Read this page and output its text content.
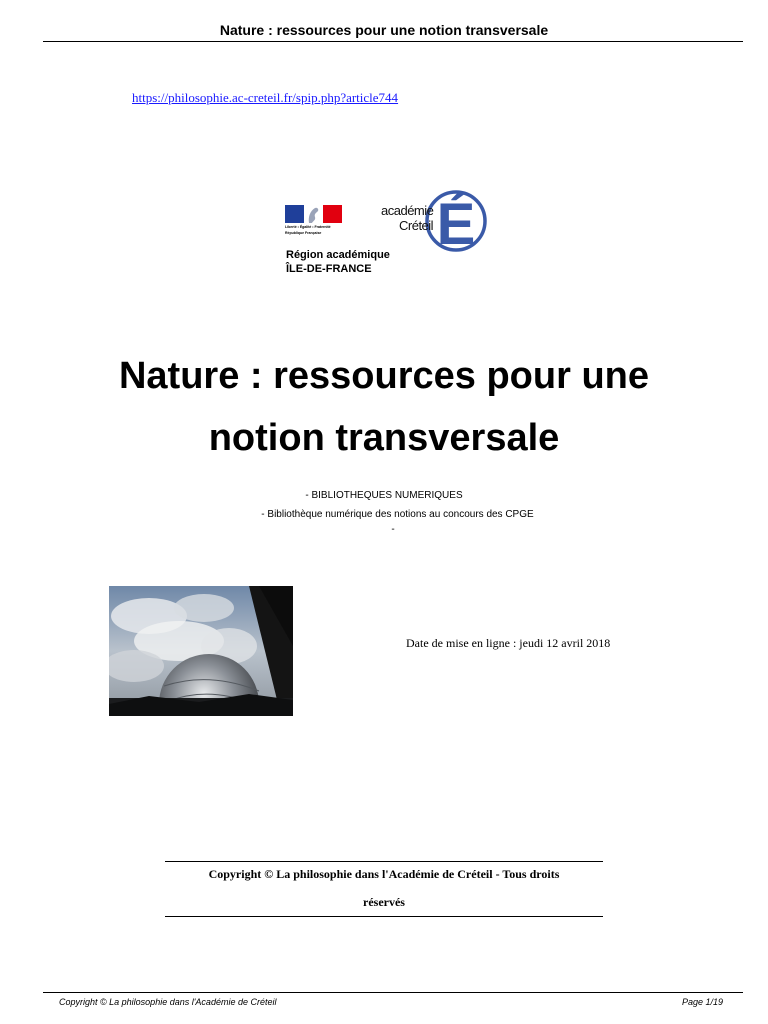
Nature : ressources pour une notion transversale
https://philosophie.ac-creteil.fr/spip.php?article744
Liberté • Égalité • Fraternité
République Française
Région académique
ÎLE-DE-FRANCE
É
académie
Créteil
Nature : ressources pour une
notion transversale
- BIBLIOTHEQUES NUMERIQUES
- Bibliothèque numérique des notions au concours des CPGE
-
Date de mise en ligne : jeudi 12 avril 2018
Copyright © La philosophie dans l'Académie de Créteil - Tous droits
réservés
Copyright © La philosophie dans l'Académie de Créteil	Page 1/19
